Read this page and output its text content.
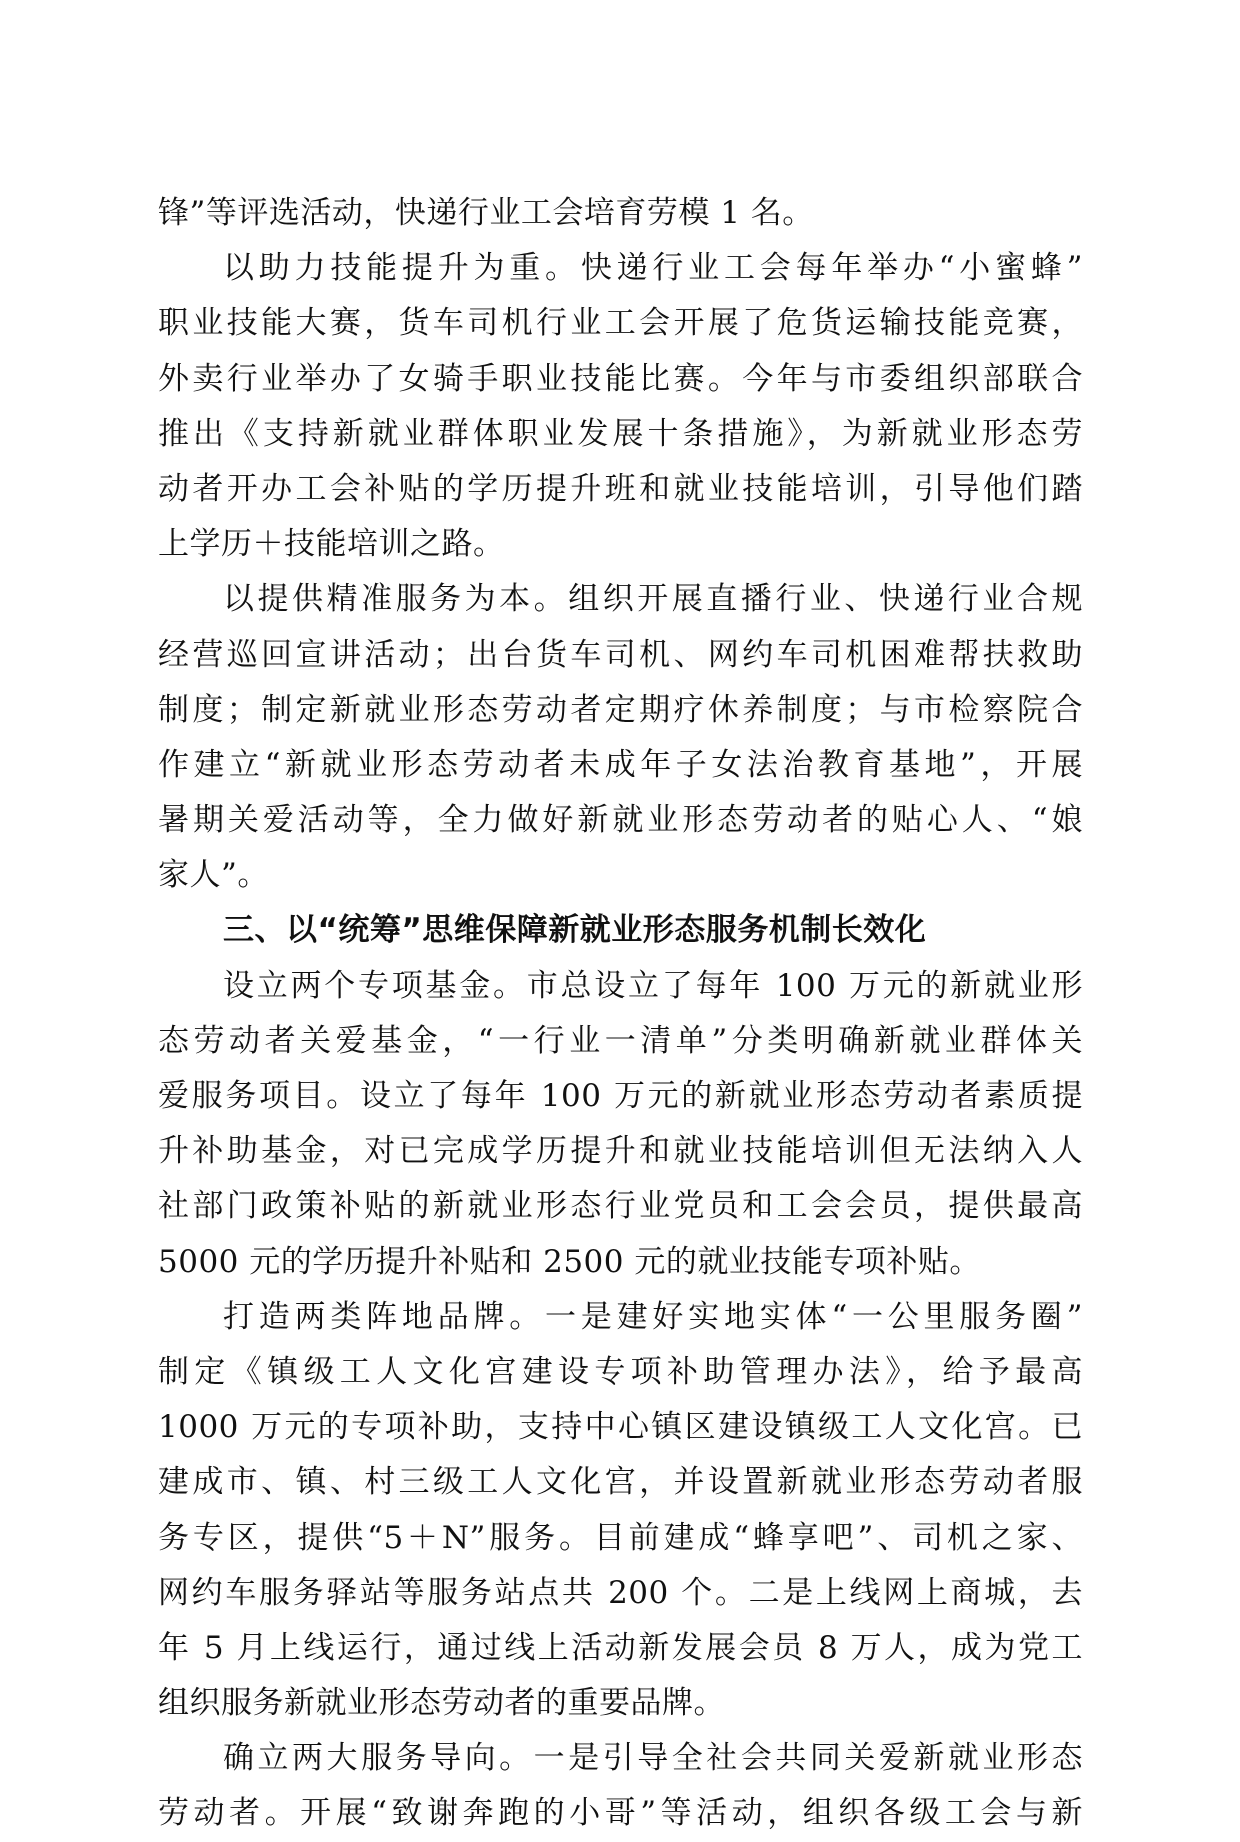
锋”等评选活动，快递行业工会培育劳模 1 名。
以助力技能提升为重。快递行业工会每年举办“小蜜蜂”
职业技能大赛，货车司机行业工会开展了危货运输技能竞赛，
外卖行业举办了女骑手职业技能比赛。今年与市委组织部联合
推出《支持新就业群体职业发展十条措施》，为新就业形态劳
动者开办工会补贴的学历提升班和就业技能培训，引导他们踏
上学历＋技能培训之路。
以提供精准服务为本。组织开展直播行业、快递行业合规
经营巡回宣讲活动；出台货车司机、网约车司机困难帮扶救助
制度；制定新就业形态劳动者定期疗休养制度；与市检察院合
作建立“新就业形态劳动者未成年子女法治教育基地”，开展
暑期关爱活动等，全力做好新就业形态劳动者的贴心人、“娘
家人”。
三、以“统筹”思维保障新就业形态服务机制长效化
设立两个专项基金。市总设立了每年 100 万元的新就业形
态劳动者关爱基金，“一行业一清单”分类明确新就业群体关
爱服务项目。设立了每年 100 万元的新就业形态劳动者素质提
升补助基金，对已完成学历提升和就业技能培训但无法纳入人
社部门政策补贴的新就业形态行业党员和工会会员，提供最高
5000 元的学历提升补贴和 2500 元的就业技能专项补贴。
打造两类阵地品牌。一是建好实地实体“一公里服务圈”
制定《镇级工人文化宫建设专项补助管理办法》，给予最高
1000 万元的专项补助，支持中心镇区建设镇级工人文化宫。已
建成市、镇、村三级工人文化宫，并设置新就业形态劳动者服
务专区，提供“5＋N”服务。目前建成“蜂享吧”、司机之家、
网约车服务驿站等服务站点共 200 个。二是上线网上商城，去
年 5 月上线运行，通过线上活动新发展会员 8 万人，成为党工
组织服务新就业形态劳动者的重要品牌。
确立两大服务导向。一是引导全社会共同关爱新就业形态
劳动者。开展“致谢奔跑的小哥”等活动，组织各级工会与新
